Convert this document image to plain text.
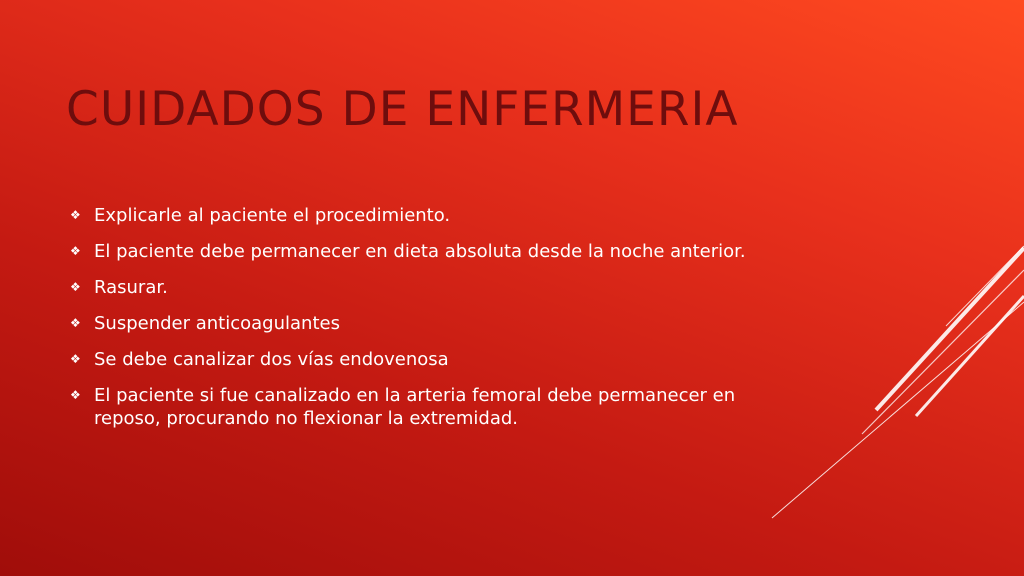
CUIDADOS DE ENFERMERIA
❖ Explicarle al paciente el procedimiento.
❖ El paciente debe permanecer en dieta absoluta desde la noche anterior.
❖ Rasurar.
❖ Suspender anticoagulantes
❖ Se debe canalizar dos vías endovenosa
❖ El paciente si fue canalizado en la arteria femoral debe permanecer en reposo, procurando no flexionar la extremidad.
